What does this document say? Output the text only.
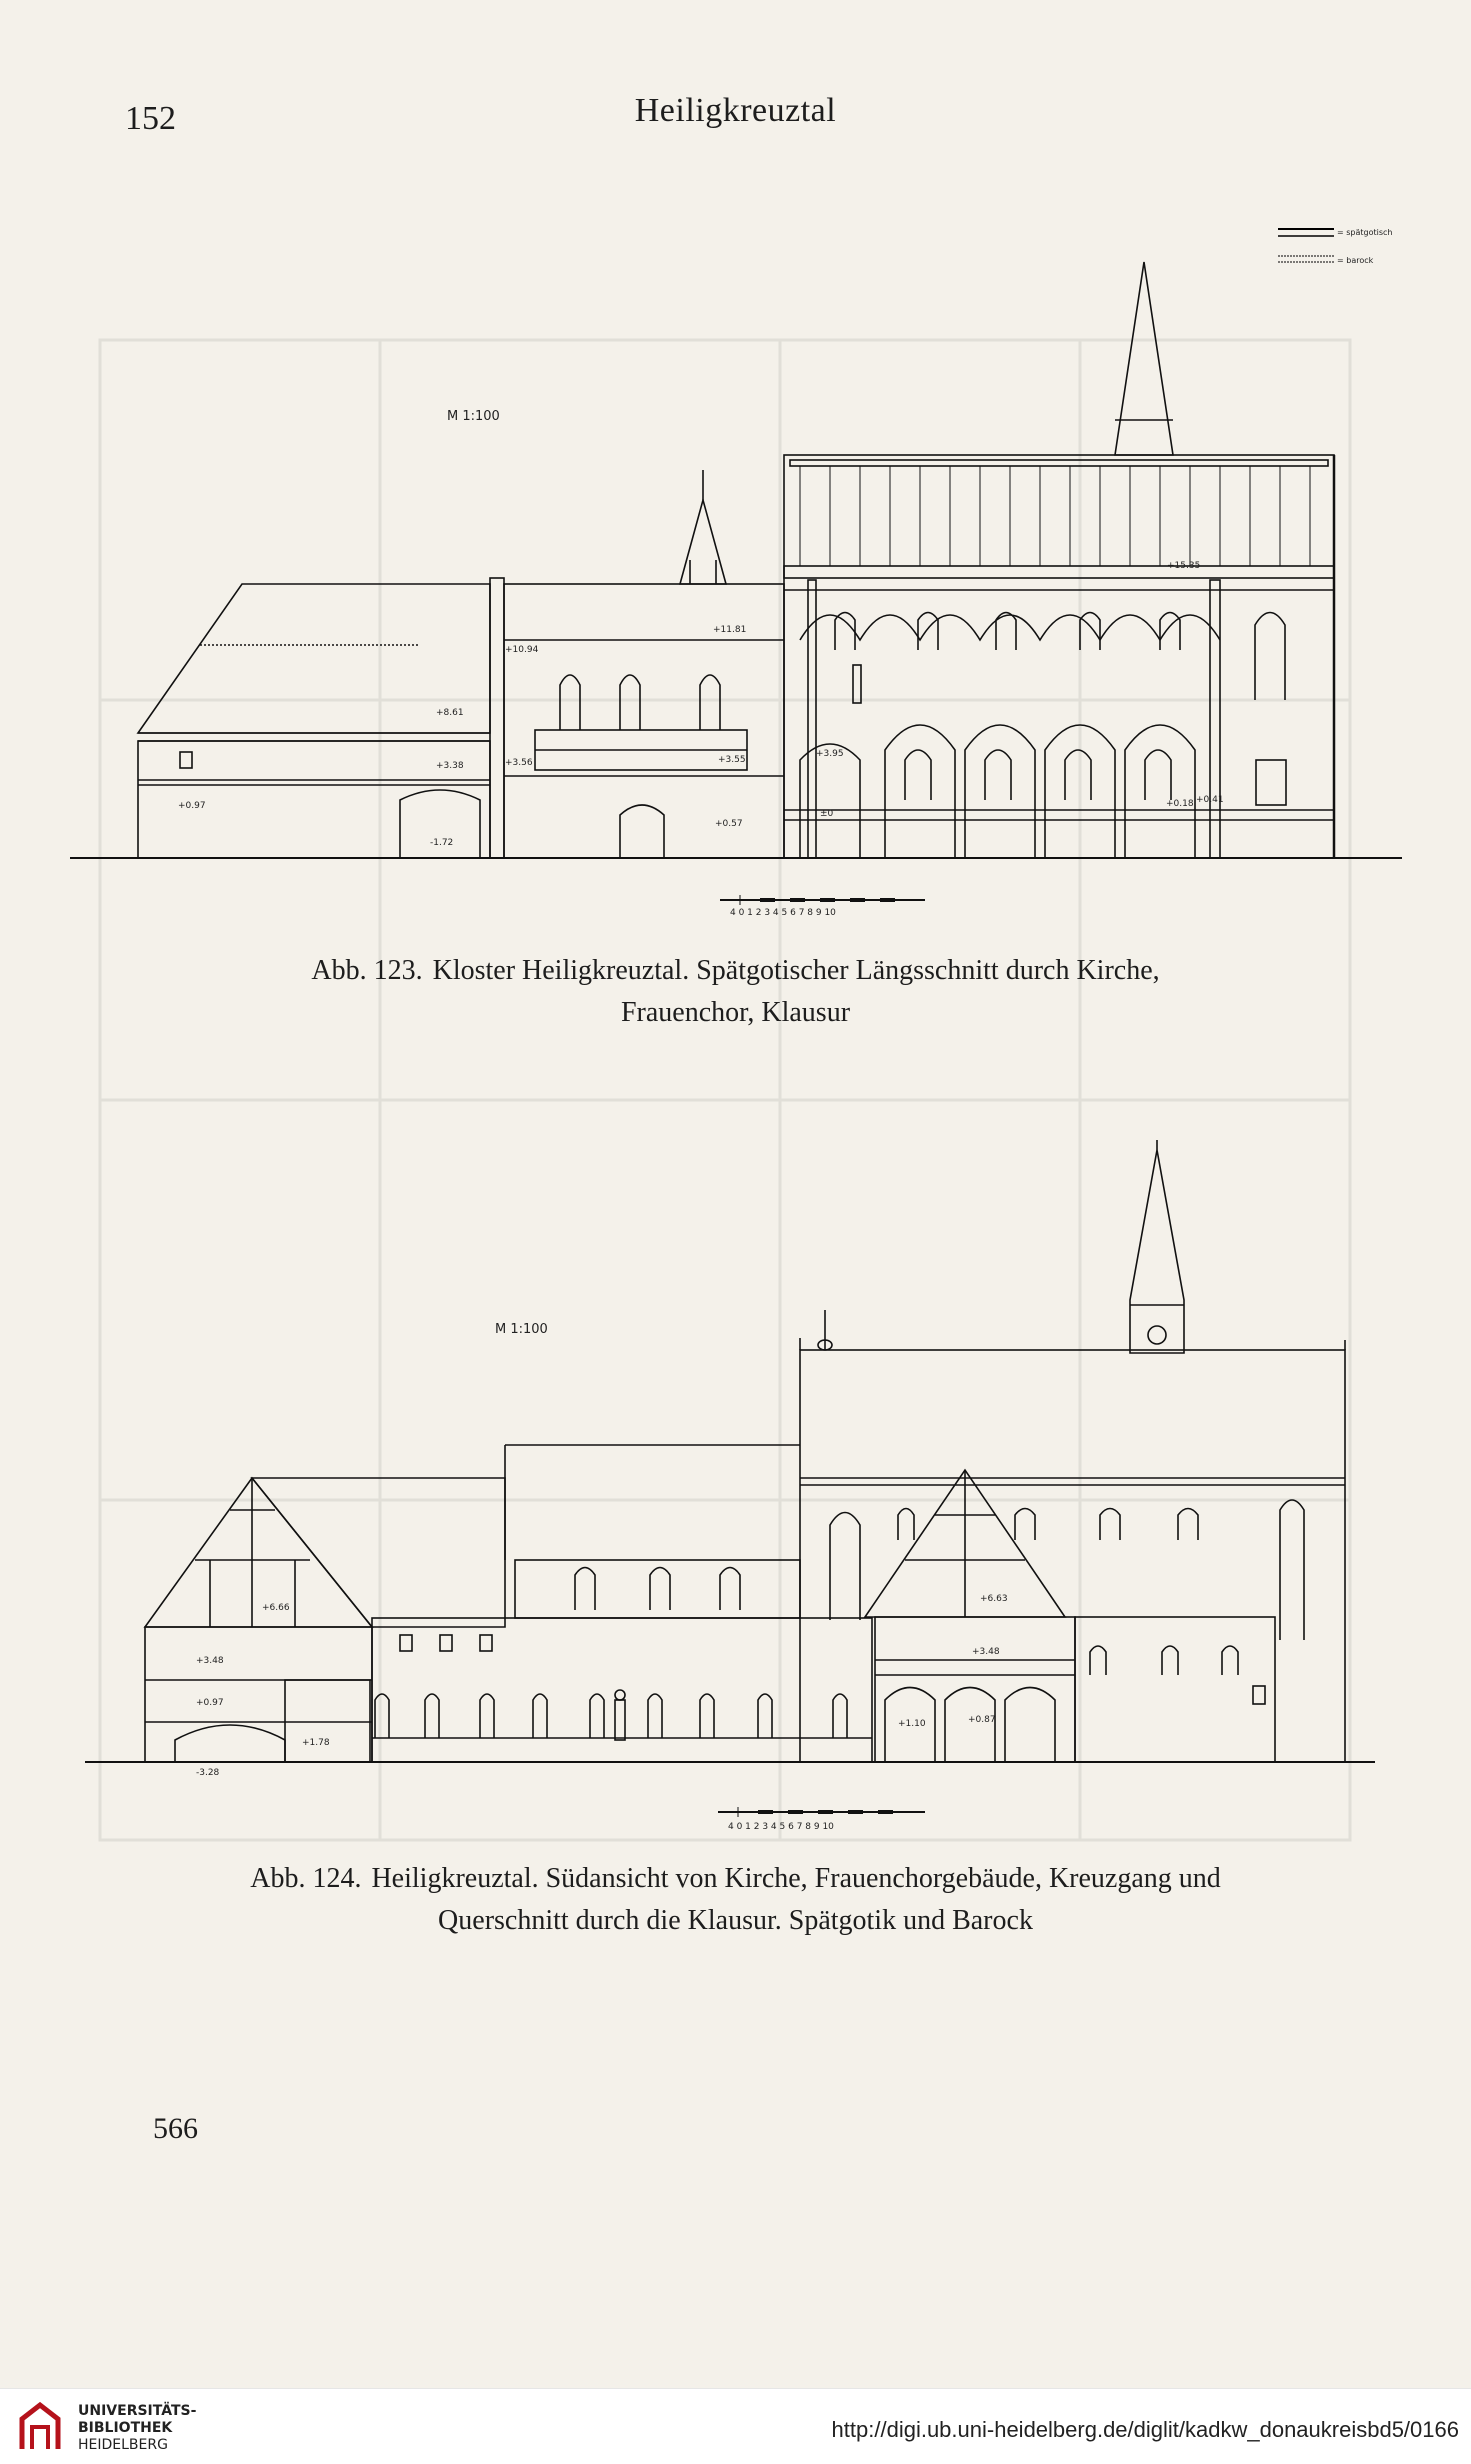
152	Heiligkreuztal
= spätgotisch
= barock
M 1:100
+15.35
+11.81
+10.94
+8.61
+3.95
+3.56	+3.55
+3.38
+0.97
+0.57
+0.18 +0.41
±0
-1.72
4 0 1 2 3 4 5 6 7 8 9 10
Abb. 123. Kloster Heiligkreuztal. Spätgotischer Längsschnitt durch Kirche,
Frauenchor, Klausur
M 1:100
+6.66
+6.63
+3.48
+3.48
+0.97
+0.87
+1.10
+1.78
-3.28
4 0 1 2 3 4 5 6 7 8 9 10
Abb. 124. Heiligkreuztal. Südansicht von Kirche, Frauenchorgebäude, Kreuzgang und
Querschnitt durch die Klausur. Spätgotik und Barock
566
UNIVERSITÄTS-
BIBLIOTHEK
HEIDELBERG
http://digi.ub.uni-heidelberg.de/diglit/kadkw_donaukreisbd5/0166
